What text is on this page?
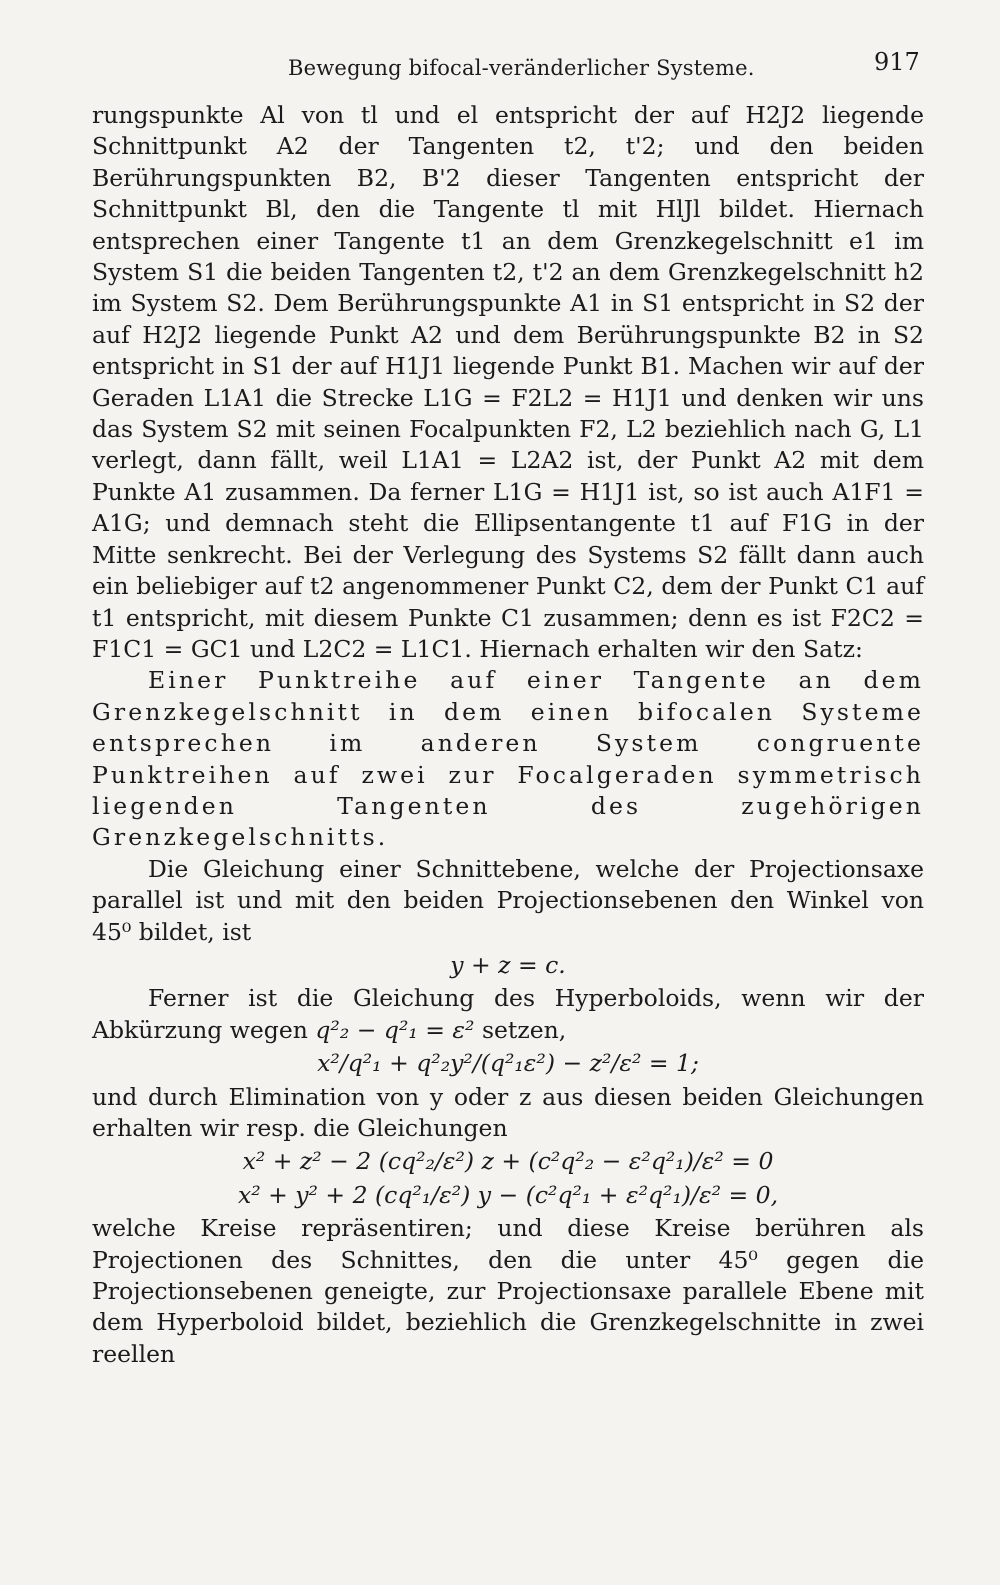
Bewegung bifocal-veränderlicher Systeme.	917

rungspunkte Al von tl und el entspricht der auf H2J2 liegende Schnittpunkt A2 der Tangenten t2, t'2; und den beiden Berührungspunkten B2, B'2 dieser Tangenten entspricht der Schnittpunkt Bl, den die Tangente tl mit HlJl bildet. Hiernach entsprechen einer Tangente t1 an dem Grenzkegelschnitt e1 im System S1 die beiden Tangenten t2, t'2 an dem Grenzkegelschnitt h2 im System S2. Dem Berührungspunkte A1 in S1 entspricht in S2 der auf H2J2 liegende Punkt A2 und dem Berührungspunkte B2 in S2 entspricht in S1 der auf H1J1 liegende Punkt B1. Machen wir auf der Geraden L1A1 die Strecke L1G = F2L2 = H1J1 und denken wir uns das System S2 mit seinen Focalpunkten F2, L2 beziehlich nach G, L1 verlegt, dann fällt, weil L1A1 = L2A2 ist, der Punkt A2 mit dem Punkte A1 zusammen. Da ferner L1G = H1J1 ist, so ist auch A1F1 = A1G; und demnach steht die Ellipsentangente t1 auf F1G in der Mitte senkrecht. Bei der Verlegung des Systems S2 fällt dann auch ein beliebiger auf t2 angenommener Punkt C2, dem der Punkt C1 auf t1 entspricht, mit diesem Punkte C1 zusammen; denn es ist F2C2 = F1C1 = GC1 und L2C2 = L1C1. Hiernach erhalten wir den Satz:

Einer Punktreihe auf einer Tangente an dem Grenzkegelschnitt in dem einen bifocalen Systeme entsprechen im anderen System congruente Punktreihen auf zwei zur Focalgeraden symmetrisch liegenden Tangenten des zugehörigen Grenzkegelschnitts.

Die Gleichung einer Schnittebene, welche der Projectionsaxe parallel ist und mit den beiden Projectionsebenen den Winkel von 45⁰ bildet, ist

y + z = c.

Ferner ist die Gleichung des Hyperboloids, wenn wir der Abkürzung wegen q²₂ − q²₁ = ε² setzen,

x²/q²₁ + q²₂y²/(q²₁ε²) − z²/ε² = 1;

und durch Elimination von y oder z aus diesen beiden Gleichungen erhalten wir resp. die Gleichungen

x² + z² − 2 (cq²₂/ε²) z + (c²q²₂ − ε²q²₁)/ε² = 0

x² + y² + 2 (cq²₁/ε²) y − (c²q²₁ + ε²q²₁)/ε² = 0,

welche Kreise repräsentiren; und diese Kreise berühren als Projectionen des Schnittes, den die unter 45⁰ gegen die Projectionsebenen geneigte, zur Projectionsaxe parallele Ebene mit dem Hyperboloid bildet, beziehlich die Grenzkegelschnitte in zwei reellen
